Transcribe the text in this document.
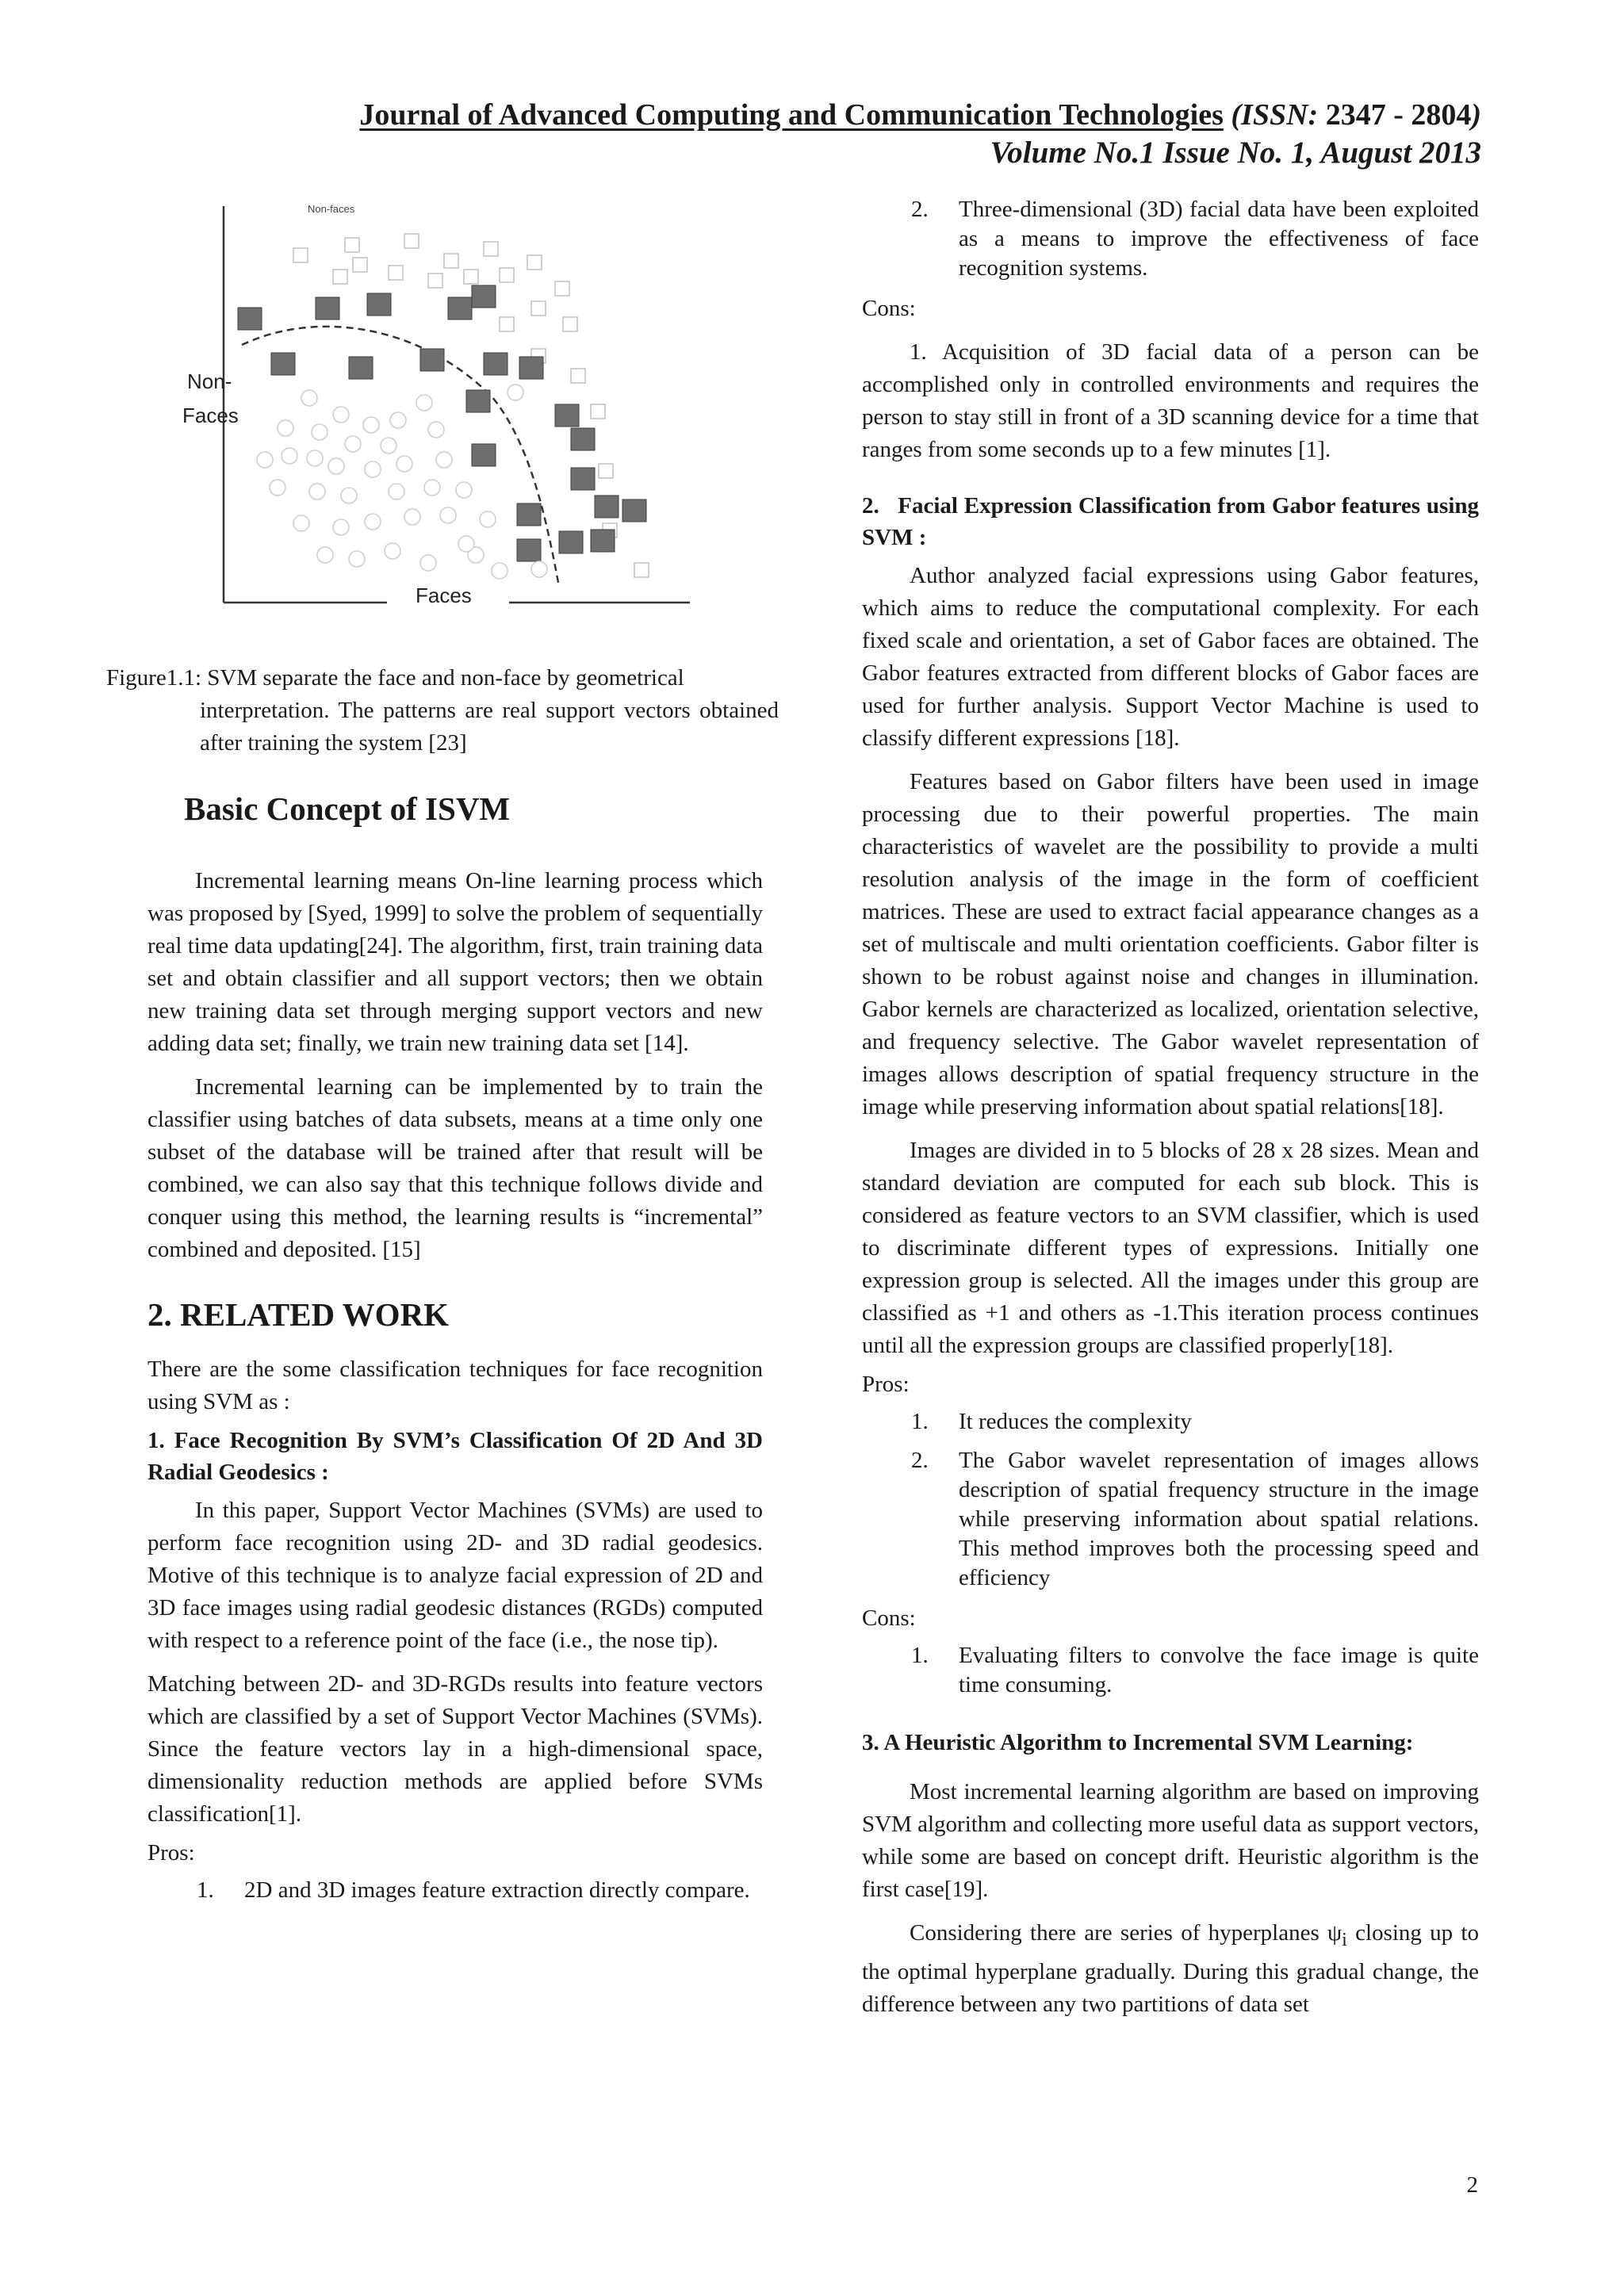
Journal of Advanced Computing and Communication Technologies (ISSN: 2347 - 2804)
Volume No.1 Issue No. 1, August 2013
Non-faces
Non-
Faces
Faces
Figure1.1: SVM separate the face and non-face by geometrical
interpretation. The patterns are real support vectors obtained after training the system [23]
Basic Concept of ISVM

Incremental learning means On-line learning process which was proposed by [Syed, 1999] to solve the problem of sequentially real time data updating[24]. The algorithm, first, train training data set and obtain classifier and all support vectors; then we obtain new training data set through merging support vectors and new adding data set; finally, we train new training data set [14].

Incremental learning can be implemented by to train the classifier using batches of data subsets, means at a time only one subset of the database will be trained after that result will be combined, we can also say that this technique follows divide and conquer using this method, the learning results is “incremental” combined and deposited. [15]

2. RELATED WORK

There are the some classification techniques for face recognition using SVM as :

1. Face Recognition By SVM’s Classification Of 2D And 3D Radial Geodesics :

In this paper, Support Vector Machines (SVMs) are used to perform face recognition using 2D- and 3D radial geodesics. Motive of this technique is to analyze facial expression of 2D and 3D face images using radial geodesic distances (RGDs) computed with respect to a reference point of the face (i.e., the nose tip).

Matching between 2D- and 3D-RGDs results into feature vectors which are classified by a set of Support Vector Machines (SVMs). Since the feature vectors lay in a high-dimensional space, dimensionality reduction methods are applied before SVMs classification[1].

Pros:

1. 2D and 3D images feature extraction directly compare.
2. Three-dimensional (3D) facial data have been exploited as a means to improve the effectiveness of face recognition systems.

Cons:

1. Acquisition of 3D facial data of a person can be accomplished only in controlled environments and requires the person to stay still in front of a 3D scanning device for a time that ranges from some seconds up to a few minutes [1].

2. Facial Expression Classification from Gabor features using SVM :

Author analyzed facial expressions using Gabor features, which aims to reduce the computational complexity. For each fixed scale and orientation, a set of Gabor faces are obtained. The Gabor features extracted from different blocks of Gabor faces are used for further analysis. Support Vector Machine is used to classify different expressions [18].

Features based on Gabor filters have been used in image processing due to their powerful properties. The main characteristics of wavelet are the possibility to provide a multi resolution analysis of the image in the form of coefficient matrices. These are used to extract facial appearance changes as a set of multiscale and multi orientation coefficients. Gabor filter is shown to be robust against noise and changes in illumination. Gabor kernels are characterized as localized, orientation selective, and frequency selective. The Gabor wavelet representation of images allows description of spatial frequency structure in the image while preserving information about spatial relations[18].

Images are divided in to 5 blocks of 28 x 28 sizes. Mean and standard deviation are computed for each sub block. This is considered as feature vectors to an SVM classifier, which is used to discriminate different types of expressions. Initially one expression group is selected. All the images under this group are classified as +1 and others as -1.This iteration process continues until all the expression groups are classified properly[18].

Pros:

1. It reduces the complexity
2. The Gabor wavelet representation of images allows description of spatial frequency structure in the image while preserving information about spatial relations. This method improves both the processing speed and efficiency

Cons:

1. Evaluating filters to convolve the face image is quite time consuming.

3. A Heuristic Algorithm to Incremental SVM Learning:

Most incremental learning algorithm are based on improving SVM algorithm and collecting more useful data as support vectors, while some are based on concept drift. Heuristic algorithm is the first case[19].

Considering there are series of hyperplanes $\psi_i$ closing up to the optimal hyperplane gradually. During this gradual change, the difference between any two partitions of data set

2
